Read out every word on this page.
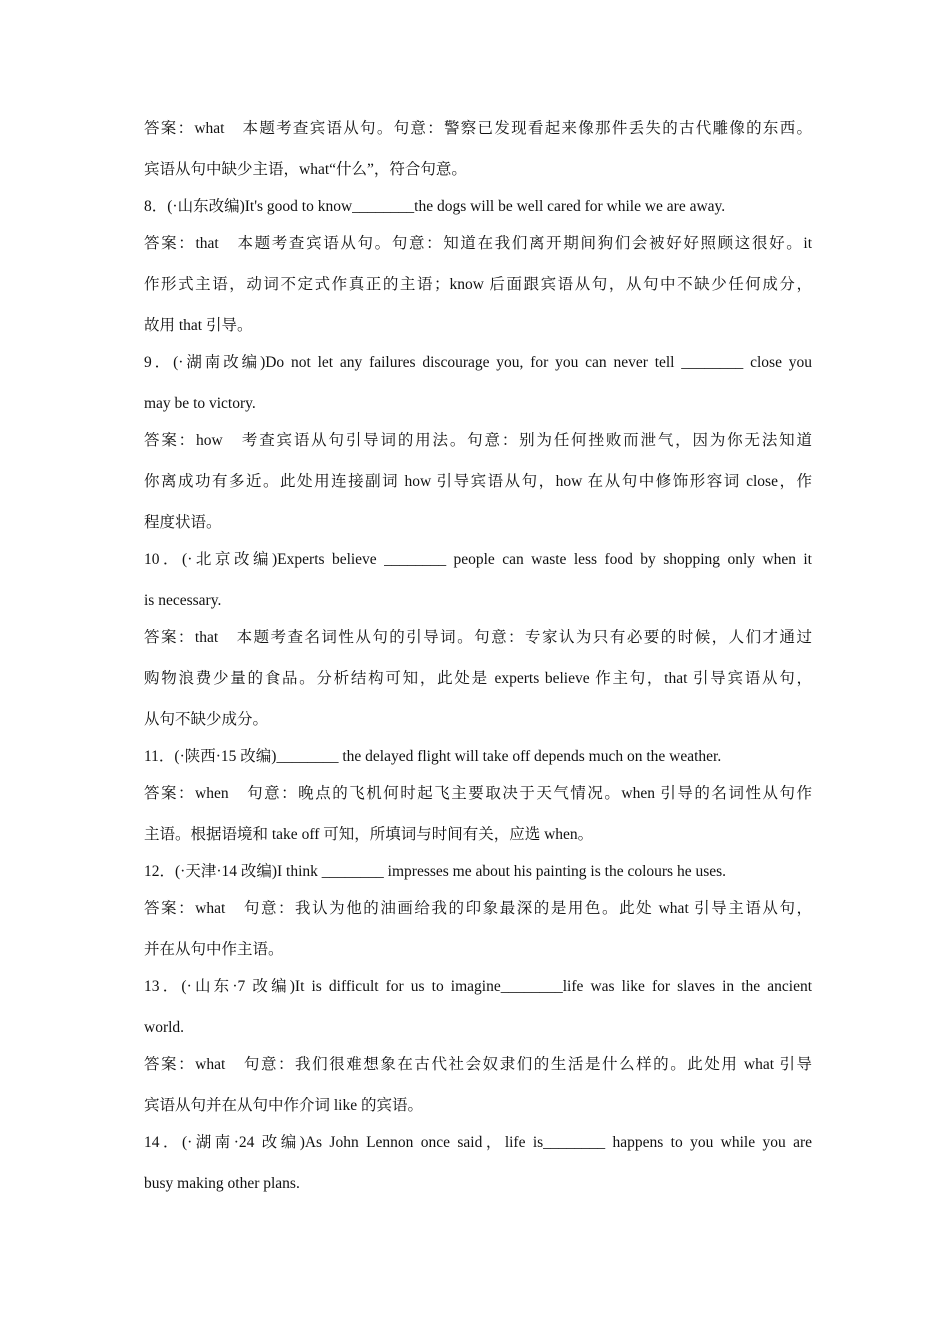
答案：what　本题考查宾语从句。句意：警察已发现看起来像那件丢失的古代雕像的东西。
宾语从句中缺少主语，what“什么”，符合句意。
8．(·山东改编)It's good to know________the dogs will be well cared for while we are away.
答案：that　本题考查宾语从句。句意：知道在我们离开期间狗们会被好好照顾这很好。it
作形式主语，动词不定式作真正的主语；know 后面跟宾语从句，从句中不缺少任何成分，
故用 that 引导。
9．(·湖南改编)Do not let any failures discourage you, for you can never tell ________ close you
may be to victory.
答案：how　考查宾语从句引导词的用法。句意：别为任何挫败而泄气，因为你无法知道
你离成功有多近。此处用连接副词 how 引导宾语从句，how 在从句中修饰形容词 close，作
程度状语。
10．(·北京改编)Experts believe ________ people can waste less food by shopping only when it
is necessary.
答案：that　本题考查名词性从句的引导词。句意：专家认为只有必要的时候，人们才通过
购物浪费少量的食品。分析结构可知，此处是 experts believe 作主句，that 引导宾语从句，
从句不缺少成分。
11．(·陕西·15 改编)________ the delayed flight will take off depends much on the weather.
答案：when　句意：晚点的飞机何时起飞主要取决于天气情况。when 引导的名词性从句作
主语。根据语境和 take off 可知，所填词与时间有关，应选 when。
12．(·天津·14 改编)I think ________ impresses me about his painting is the colours he uses.
答案：what　句意：我认为他的油画给我的印象最深的是用色。此处 what 引导主语从句，
并在从句中作主语。
13．(·山东·7 改编)It is difficult for us to imagine________life was like for slaves in the ancient
world.
答案：what　句意：我们很难想象在古代社会奴隶们的生活是什么样的。此处用 what 引导
宾语从句并在从句中作介词 like 的宾语。
14．(·湖南·24 改编)As John Lennon once said，life is________ happens to you while you are
busy making other plans.
